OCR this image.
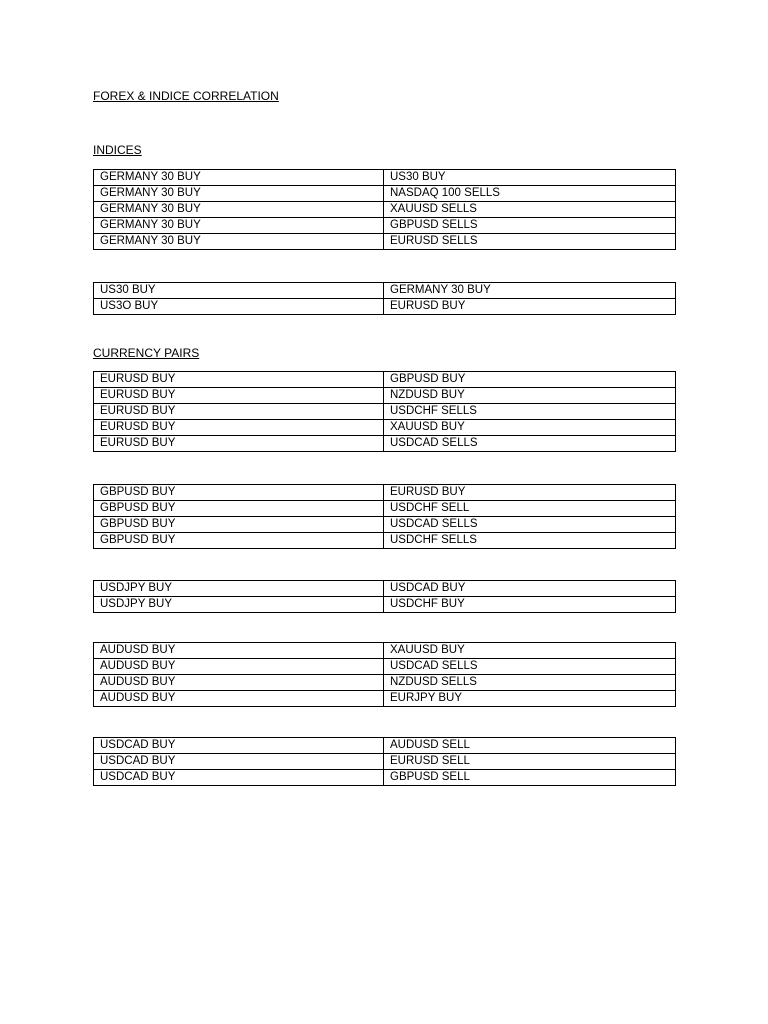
FOREX & INDICE CORRELATION
INDICES
GERMANY 30 BUY	US30 BUY
GERMANY 30 BUY	NASDAQ 100 SELLS
GERMANY 30 BUY	XAUUSD SELLS
GERMANY 30 BUY	GBPUSD SELLS
GERMANY 30 BUY	EURUSD SELLS
US30 BUY	GERMANY 30 BUY
US3O BUY	EURUSD BUY
CURRENCY PAIRS
EURUSD BUY	GBPUSD BUY
EURUSD BUY	NZDUSD BUY
EURUSD BUY	USDCHF SELLS
EURUSD BUY	XAUUSD BUY
EURUSD BUY	USDCAD SELLS
GBPUSD BUY	EURUSD BUY
GBPUSD BUY	USDCHF SELL
GBPUSD BUY	USDCAD SELLS
GBPUSD BUY	USDCHF SELLS
USDJPY BUY	USDCAD BUY
USDJPY BUY	USDCHF BUY
AUDUSD BUY	XAUUSD BUY
AUDUSD BUY	USDCAD SELLS
AUDUSD BUY	NZDUSD SELLS
AUDUSD BUY	EURJPY BUY
USDCAD BUY	AUDUSD SELL
USDCAD BUY	EURUSD SELL
USDCAD BUY	GBPUSD SELL
